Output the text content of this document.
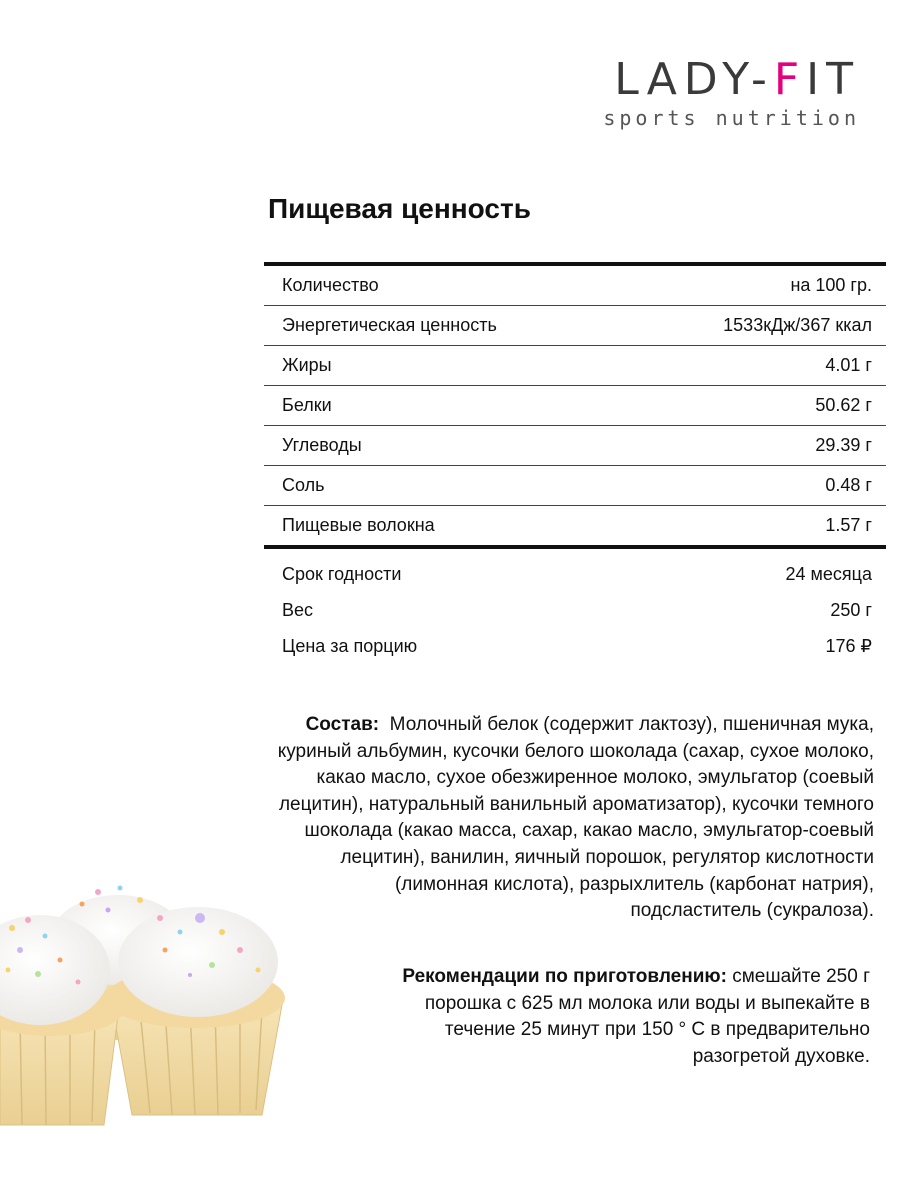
LADY-FIT
sports nutrition
Пищевая ценность
Количество	на 100 гр.
Энергетическая ценность	1533кДж/367 ккал
Жиры	4.01 г
Белки	50.62 г
Углеводы	29.39 г
Соль	0.48 г
Пищевые волокна	1.57 г
Срок годности	24 месяца
Вес	250 г
Цена за порцию	176 ₽

Состав: Молочный белок (содержит лактозу), пшеничная мука, куриный альбумин, кусочки белого шоколада (сахар, сухое молоко, какао масло, сухое обезжиренное молоко, эмульгатор (соевый лецитин), натуральный ванильный ароматизатор), кусочки темного шоколада (какао масса, сахар, какао масло, эмульгатор-соевый лецитин), ванилин, яичный порошок, регулятор кислотности (лимонная кислота), разрыхлитель (карбонат натрия), подсластитель (сукралоза).

Рекомендации по приготовлению: смешайте 250 г порошка с 625 мл молока или воды и выпекайте в течение 25 минут при 150 ° С в предварительно разогретой духовке.
